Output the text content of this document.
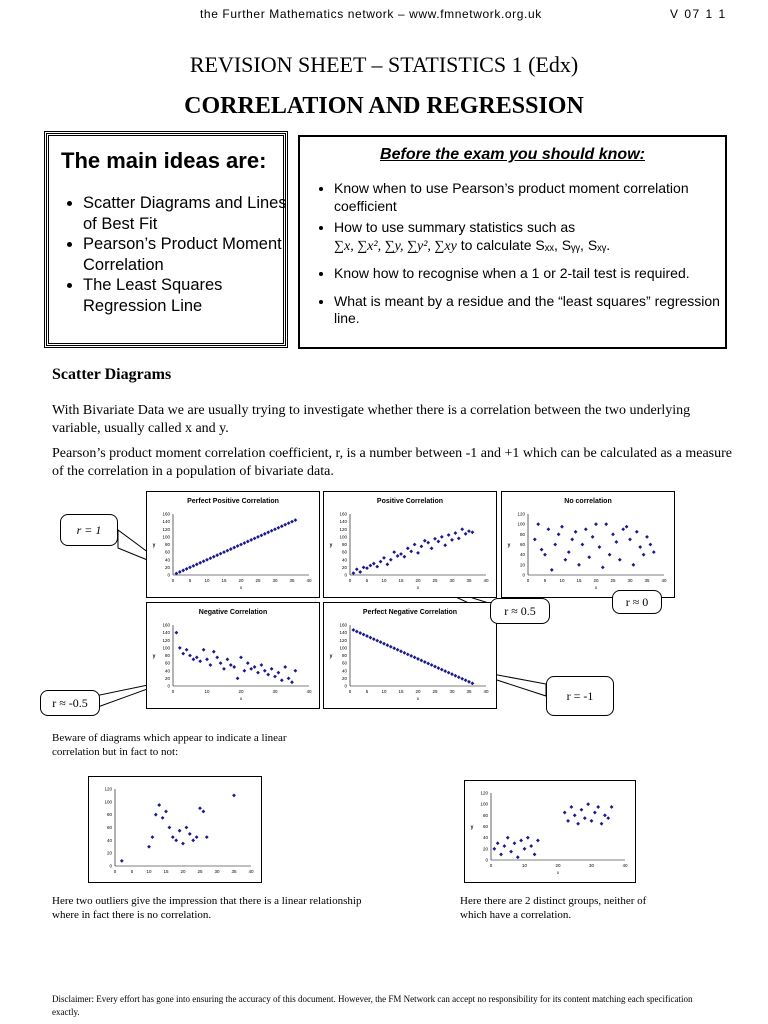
the Further Mathematics network – www.fmnetwork.org.uk	V 07 1 1
REVISION SHEET – STATISTICS 1 (Edx)
CORRELATION AND REGRESSION
The main ideas are:
• Scatter Diagrams and Lines of Best Fit
• Pearson’s Product Moment Correlation
• The Least Squares Regression Line
Before the exam you should know:
• Know when to use Pearson’s product moment correlation coefficient
• How to use summary statistics such as
∑x, ∑x², ∑y, ∑y², ∑xy to calculate Sₓₓ, Sᵧᵧ, Sₓᵧ.
• Know how to recognise when a 1 or 2-tail test is required.
• What is meant by a residue and the “least squares” regression line.
Scatter Diagrams
With Bivariate Data we are usually trying to investigate whether there is a correlation between the two underlying variable, usually called x and y.
Pearson’s product moment correlation coefficient, r, is a number between -1 and +1 which can be calculated as a measure of the correlation in a population of bivariate data.
Perfect Positive Correlation
0
20
40
60
80
100
120
140
160
0	5	10	15	20	25	30	35	40
x
y
Positive Correlation
0
20
40
60
80
100
120
140
160
0	5	10	15	20	25	30	35	40
x
y
No correlation
0
20
40
60
80
100
120
0	5	10	15	20	25	30	35	40
x
y
Negative Correlation
0
20
40
60
80
100
120
140
160
0	10	20	30	40
x
y
Perfect Negative Correlation
0
20
40
60
80
100
120
140
160
0	5	10	15	20	25	30	35	40
x
y
0
20
40
60
80
100
120
0	5	10	15	20	25	30	35	40
0
20
40
60
80
100
120
0	10	20	30	40
x
y
r = 1
r ≈ 0.5
r ≈ 0
r ≈ -0.5	r = -1
Beware of diagrams which appear to indicate a linear correlation but in fact to not:
Here two outliers give the impression that there is a linear relationship where in fact there is no correlation.
Here there are 2 distinct groups, neither of which have a correlation.
Disclaimer: Every effort has gone into ensuring the accuracy of this document. However, the FM Network can accept no responsibility for its content matching each specification exactly.
